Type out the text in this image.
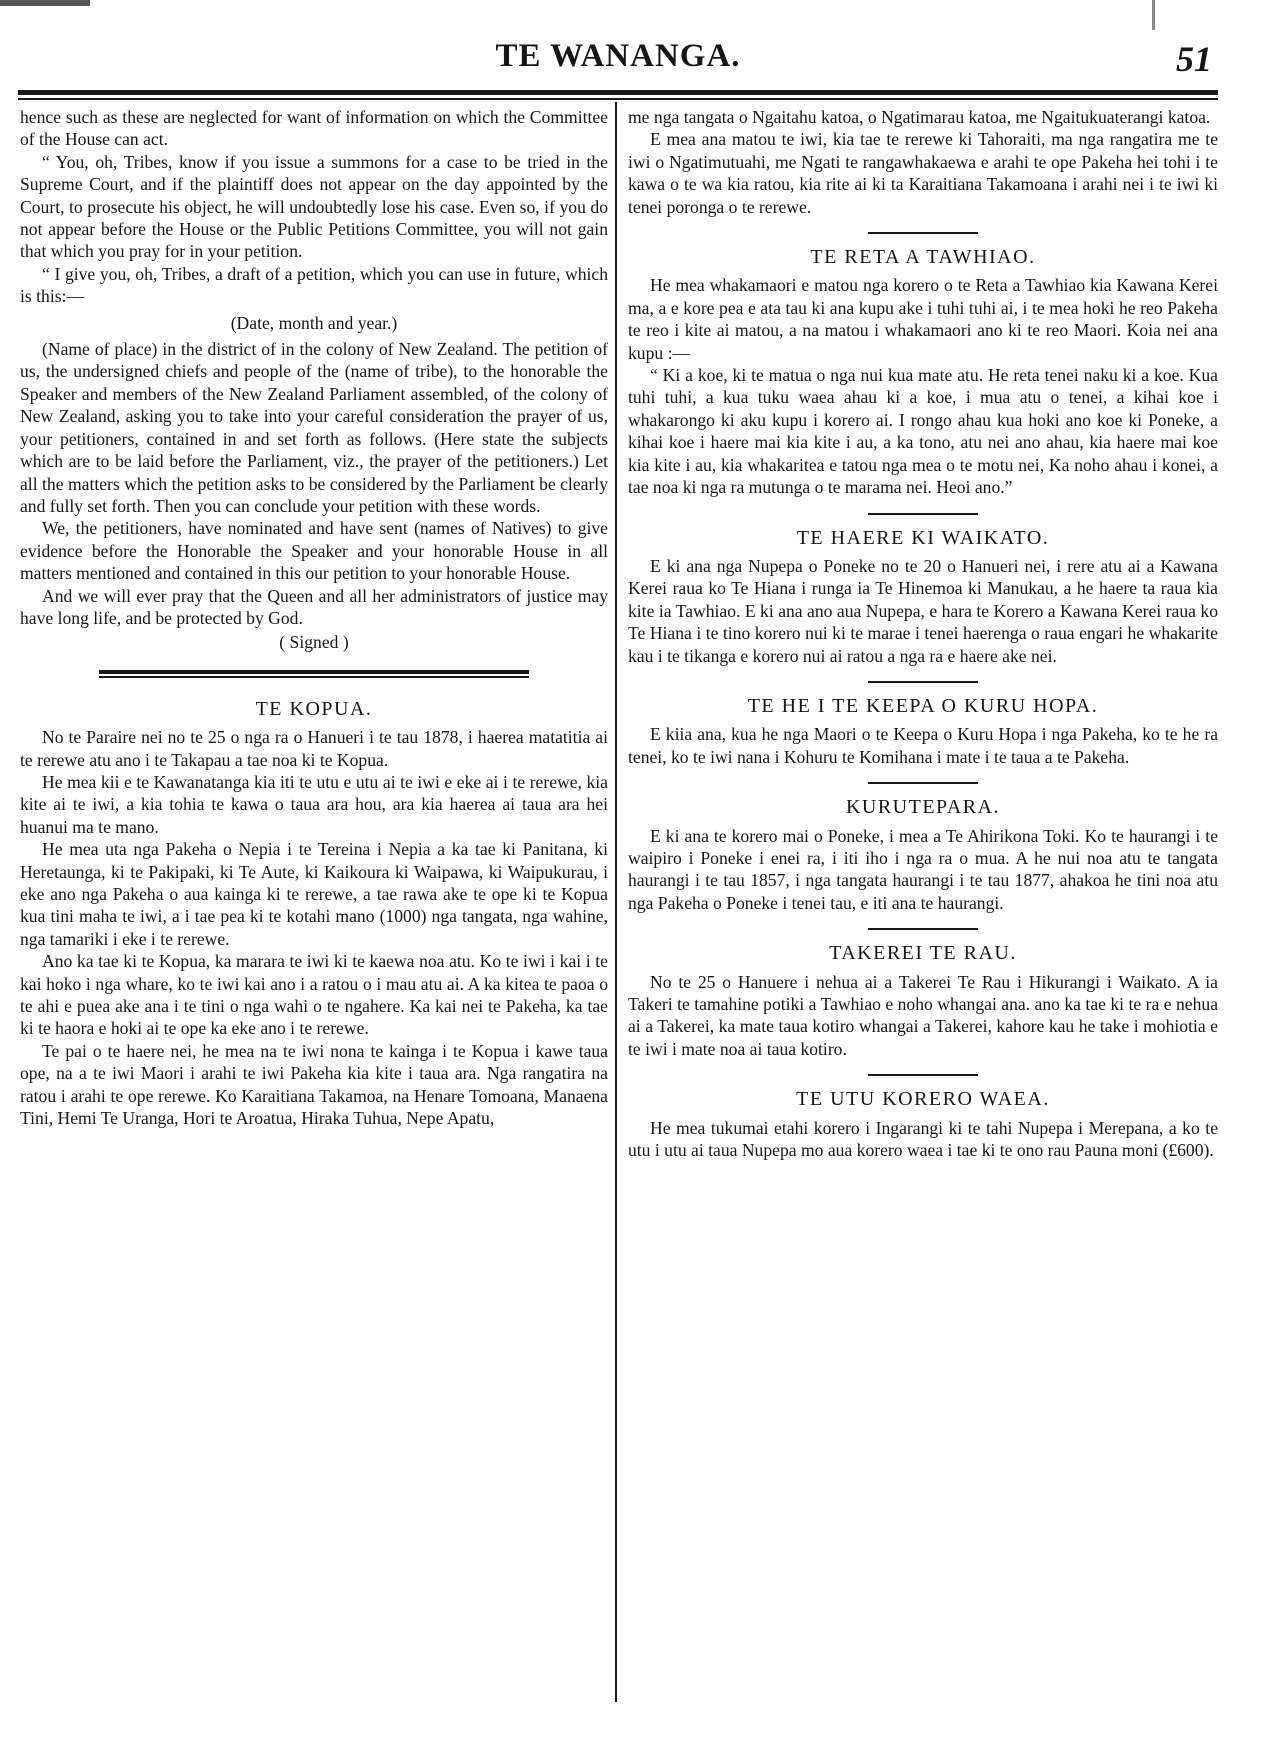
TE WANANGA.	51

hence such as these are neglected for want of information on which the Committee of the House can act.

“ You, oh, Tribes, know if you issue a summons for a case to be tried in the Supreme Court, and if the plaintiff does not appear on the day appointed by the Court, to prosecute his object, he will undoubtedly lose his case. Even so, if you do not appear before the House or the Public Petitions Committee, you will not gain that which you pray for in your petition.

“ I give you, oh, Tribes, a draft of a petition, which you can use in future, which is this:—

(Date, month and year.)

(Name of place) in the district of in the colony of New Zealand. The petition of us, the undersigned chiefs and people of the (name of tribe), to the honorable the Speaker and members of the New Zealand Parliament assembled, of the colony of New Zealand, asking you to take into your careful consideration the prayer of us, your petitioners, contained in and set forth as follows. (Here state the subjects which are to be laid before the Parliament, viz., the prayer of the petitioners.) Let all the matters which the petition asks to be considered by the Parliament be clearly and fully set forth. Then you can conclude your petition with these words.

We, the petitioners, have nominated and have sent (names of Natives) to give evidence before the Honorable the Speaker and your honorable House in all matters mentioned and contained in this our petition to your honorable House.

And we will ever pray that the Queen and all her administrators of justice may have long life, and be protected by God.

( Signed )

TE KOPUA.

No te Paraire nei no te 25 o nga ra o Hanueri i te tau 1878, i haerea matatitia ai te rerewe atu ano i te Takapau a tae noa ki te Kopua.

He mea kii e te Kawanatanga kia iti te utu e utu ai te iwi e eke ai i te rerewe, kia kite ai te iwi, a kia tohia te kawa o taua ara hou, ara kia haerea ai taua ara hei huanui ma te mano.

He mea uta nga Pakeha o Nepia i te Tereina i Nepia a ka tae ki Panitana, ki Heretaunga, ki te Pakipaki, ki Te Aute, ki Kaikoura ki Waipawa, ki Waipukurau, i eke ano nga Pakeha o aua kainga ki te rerewe, a tae rawa ake te ope ki te Kopua kua tini maha te iwi, a i tae pea ki te kotahi mano (1000) nga tangata, nga wahine, nga tamariki i eke i te rerewe.

Ano ka tae ki te Kopua, ka marara te iwi ki te kaewa noa atu. Ko te iwi i kai i te kai hoko i nga whare, ko te iwi kai ano i a ratou o i mau atu ai. A ka kitea te paoa o te ahi e puea ake ana i te tini o nga wahi o te ngahere. Ka kai nei te Pakeha, ka tae ki te haora e hoki ai te ope ka eke ano i te rerewe.

Te pai o te haere nei, he mea na te iwi nona te kainga i te Kopua i kawe taua ope, na a te iwi Maori i arahi te iwi Pakeha kia kite i taua ara. Nga rangatira na ratou i arahi te ope rerewe. Ko Karaitiana Takamoa, na Henare Tomoana, Manaena Tini, Hemi Te Uranga, Hori te Aroatua, Hiraka Tuhua, Nepe Apatu,

me nga tangata o Ngaitahu katoa, o Ngatimarau katoa, me Ngaitukuaterangi katoa.

E mea ana matou te iwi, kia tae te rerewe ki Tahoraiti, ma nga rangatira me te iwi o Ngatimutuahi, me Ngati te rangawhakaewa e arahi te ope Pakeha hei tohi i te kawa o te wa kia ratou, kia rite ai ki ta Karaitiana Takamoana i arahi nei i te iwi ki tenei poronga o te rerewe.

TE RETA A TAWHIAO.

He mea whakamaori e matou nga korero o te Reta a Tawhiao kia Kawana Kerei ma, a e kore pea e ata tau ki ana kupu ake i tuhi tuhi ai, i te mea hoki he reo Pakeha te reo i kite ai matou, a na matou i whakamaori ano ki te reo Maori. Koia nei ana kupu :—

“ Ki a koe, ki te matua o nga nui kua mate atu. He reta tenei naku ki a koe. Kua tuhi tuhi, a kua tuku waea ahau ki a koe, i mua atu o tenei, a kihai koe i whakarongo ki aku kupu i korero ai. I rongo ahau kua hoki ano koe ki Poneke, a kihai koe i haere mai kia kite i au, a ka tono, atu nei ano ahau, kia haere mai koe kia kite i au, kia whakaritea e tatou nga mea o te motu nei, Ka noho ahau i konei, a tae noa ki nga ra mutunga o te marama nei. Heoi ano.”

TE HAERE KI WAIKATO.

E ki ana nga Nupepa o Poneke no te 20 o Hanueri nei, i rere atu ai a Kawana Kerei raua ko Te Hiana i runga ia Te Hinemoa ki Manukau, a he haere ta raua kia kite ia Tawhiao. E ki ana ano aua Nupepa, e hara te Korero a Kawana Kerei raua ko Te Hiana i te tino korero nui ki te marae i tenei haerenga o raua engari he whakarite kau i te tikanga e korero nui ai ratou a nga ra e haere ake nei.

TE HE I TE KEEPA O KURU HOPA.

E kiia ana, kua he nga Maori o te Keepa o Kuru Hopa i nga Pakeha, ko te he ra tenei, ko te iwi nana i Kohuru te Komihana i mate i te taua a te Pakeha.

KURUTEPARA.

E ki ana te korero mai o Poneke, i mea a Te Ahirikona Toki. Ko te haurangi i te waipiro i Poneke i enei ra, i iti iho i nga ra o mua. A he nui noa atu te tangata haurangi i te tau 1857, i nga tangata haurangi i te tau 1877, ahakoa he tini noa atu nga Pakeha o Poneke i tenei tau, e iti ana te haurangi.

TAKEREI TE RAU.

No te 25 o Hanuere i nehua ai a Takerei Te Rau i Hikurangi i Waikato. A ia Takeri te tamahine potiki a Tawhiao e noho whangai ana. ano ka tae ki te ra e nehua ai a Takerei, ka mate taua kotiro whangai a Takerei, kahore kau he take i mohiotia e te iwi i mate noa ai taua kotiro.

TE UTU KORERO WAEA.

He mea tukumai etahi korero i Ingarangi ki te tahi Nupepa i Merepana, a ko te utu i utu ai taua Nupepa mo aua korero waea i tae ki te ono rau Pauna moni (£600).
